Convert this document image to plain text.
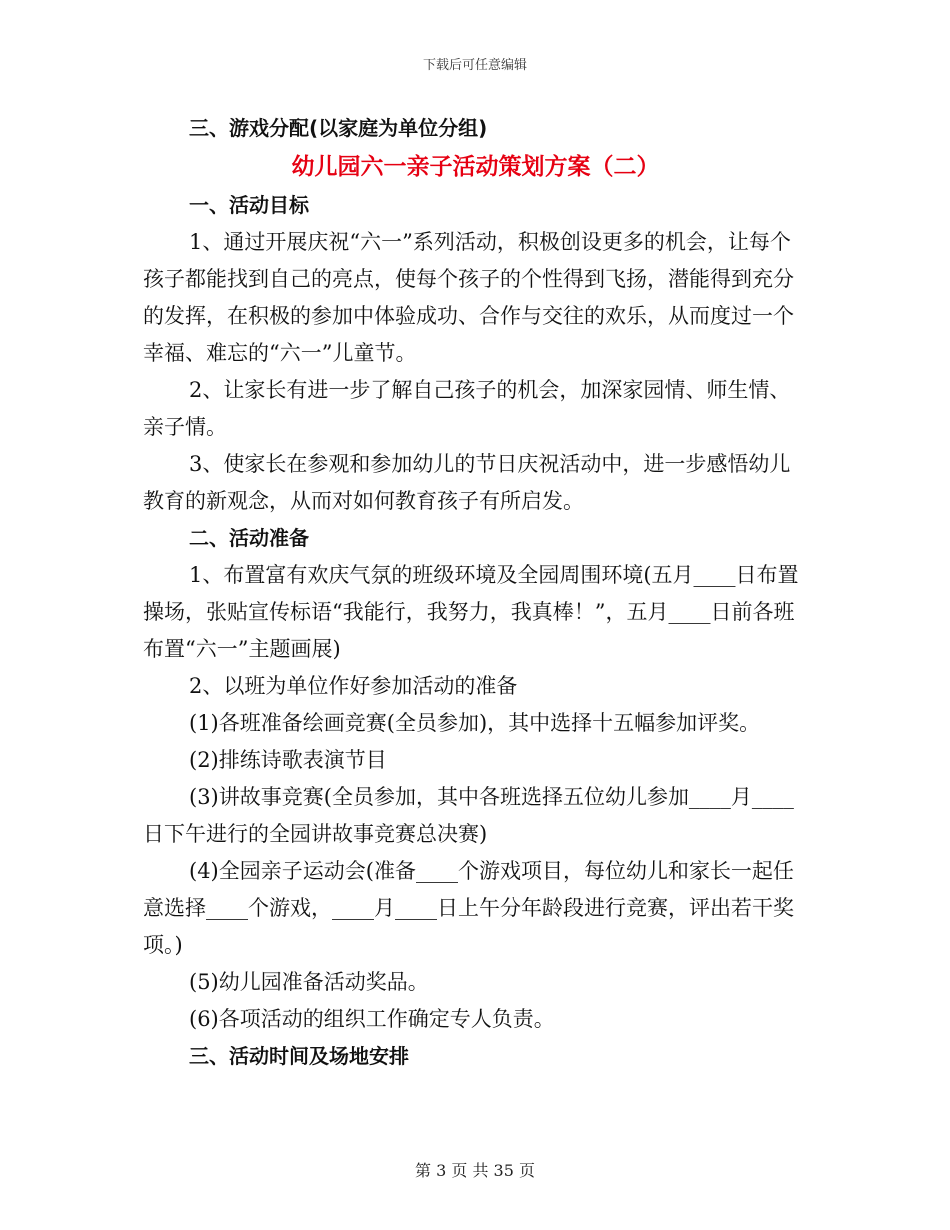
下载后可任意编辑

三、游戏分配(以家庭为单位分组)

幼儿园六一亲子活动策划方案（二）

一、活动目标

1、通过开展庆祝“六一”系列活动，积极创设更多的机会，让每个孩子都能找到自己的亮点，使每个孩子的个性得到飞扬，潜能得到充分的发挥，在积极的参加中体验成功、合作与交往的欢乐，从而度过一个幸福、难忘的“六一”儿童节。

2、让家长有进一步了解自己孩子的机会，加深家园情、师生情、亲子情。

3、使家长在参观和参加幼儿的节日庆祝活动中，进一步感悟幼儿教育的新观念，从而对如何教育孩子有所启发。

二、活动准备

1、布置富有欢庆气氛的班级环境及全园周围环境(五月____日布置操场，张贴宣传标语“我能行，我努力，我真棒！”，五月____日前各班布置“六一”主题画展)

2、以班为单位作好参加活动的准备

(1)各班准备绘画竞赛(全员参加)，其中选择十五幅参加评奖。

(2)排练诗歌表演节目

(3)讲故事竞赛(全员参加，其中各班选择五位幼儿参加____月____日下午进行的全园讲故事竞赛总决赛)

(4)全园亲子运动会(准备____个游戏项目，每位幼儿和家长一起任意选择____个游戏，____月____日上午分年龄段进行竞赛，评出若干奖项。)

(5)幼儿园准备活动奖品。

(6)各项活动的组织工作确定专人负责。

三、活动时间及场地安排

第 3 页 共 35 页
